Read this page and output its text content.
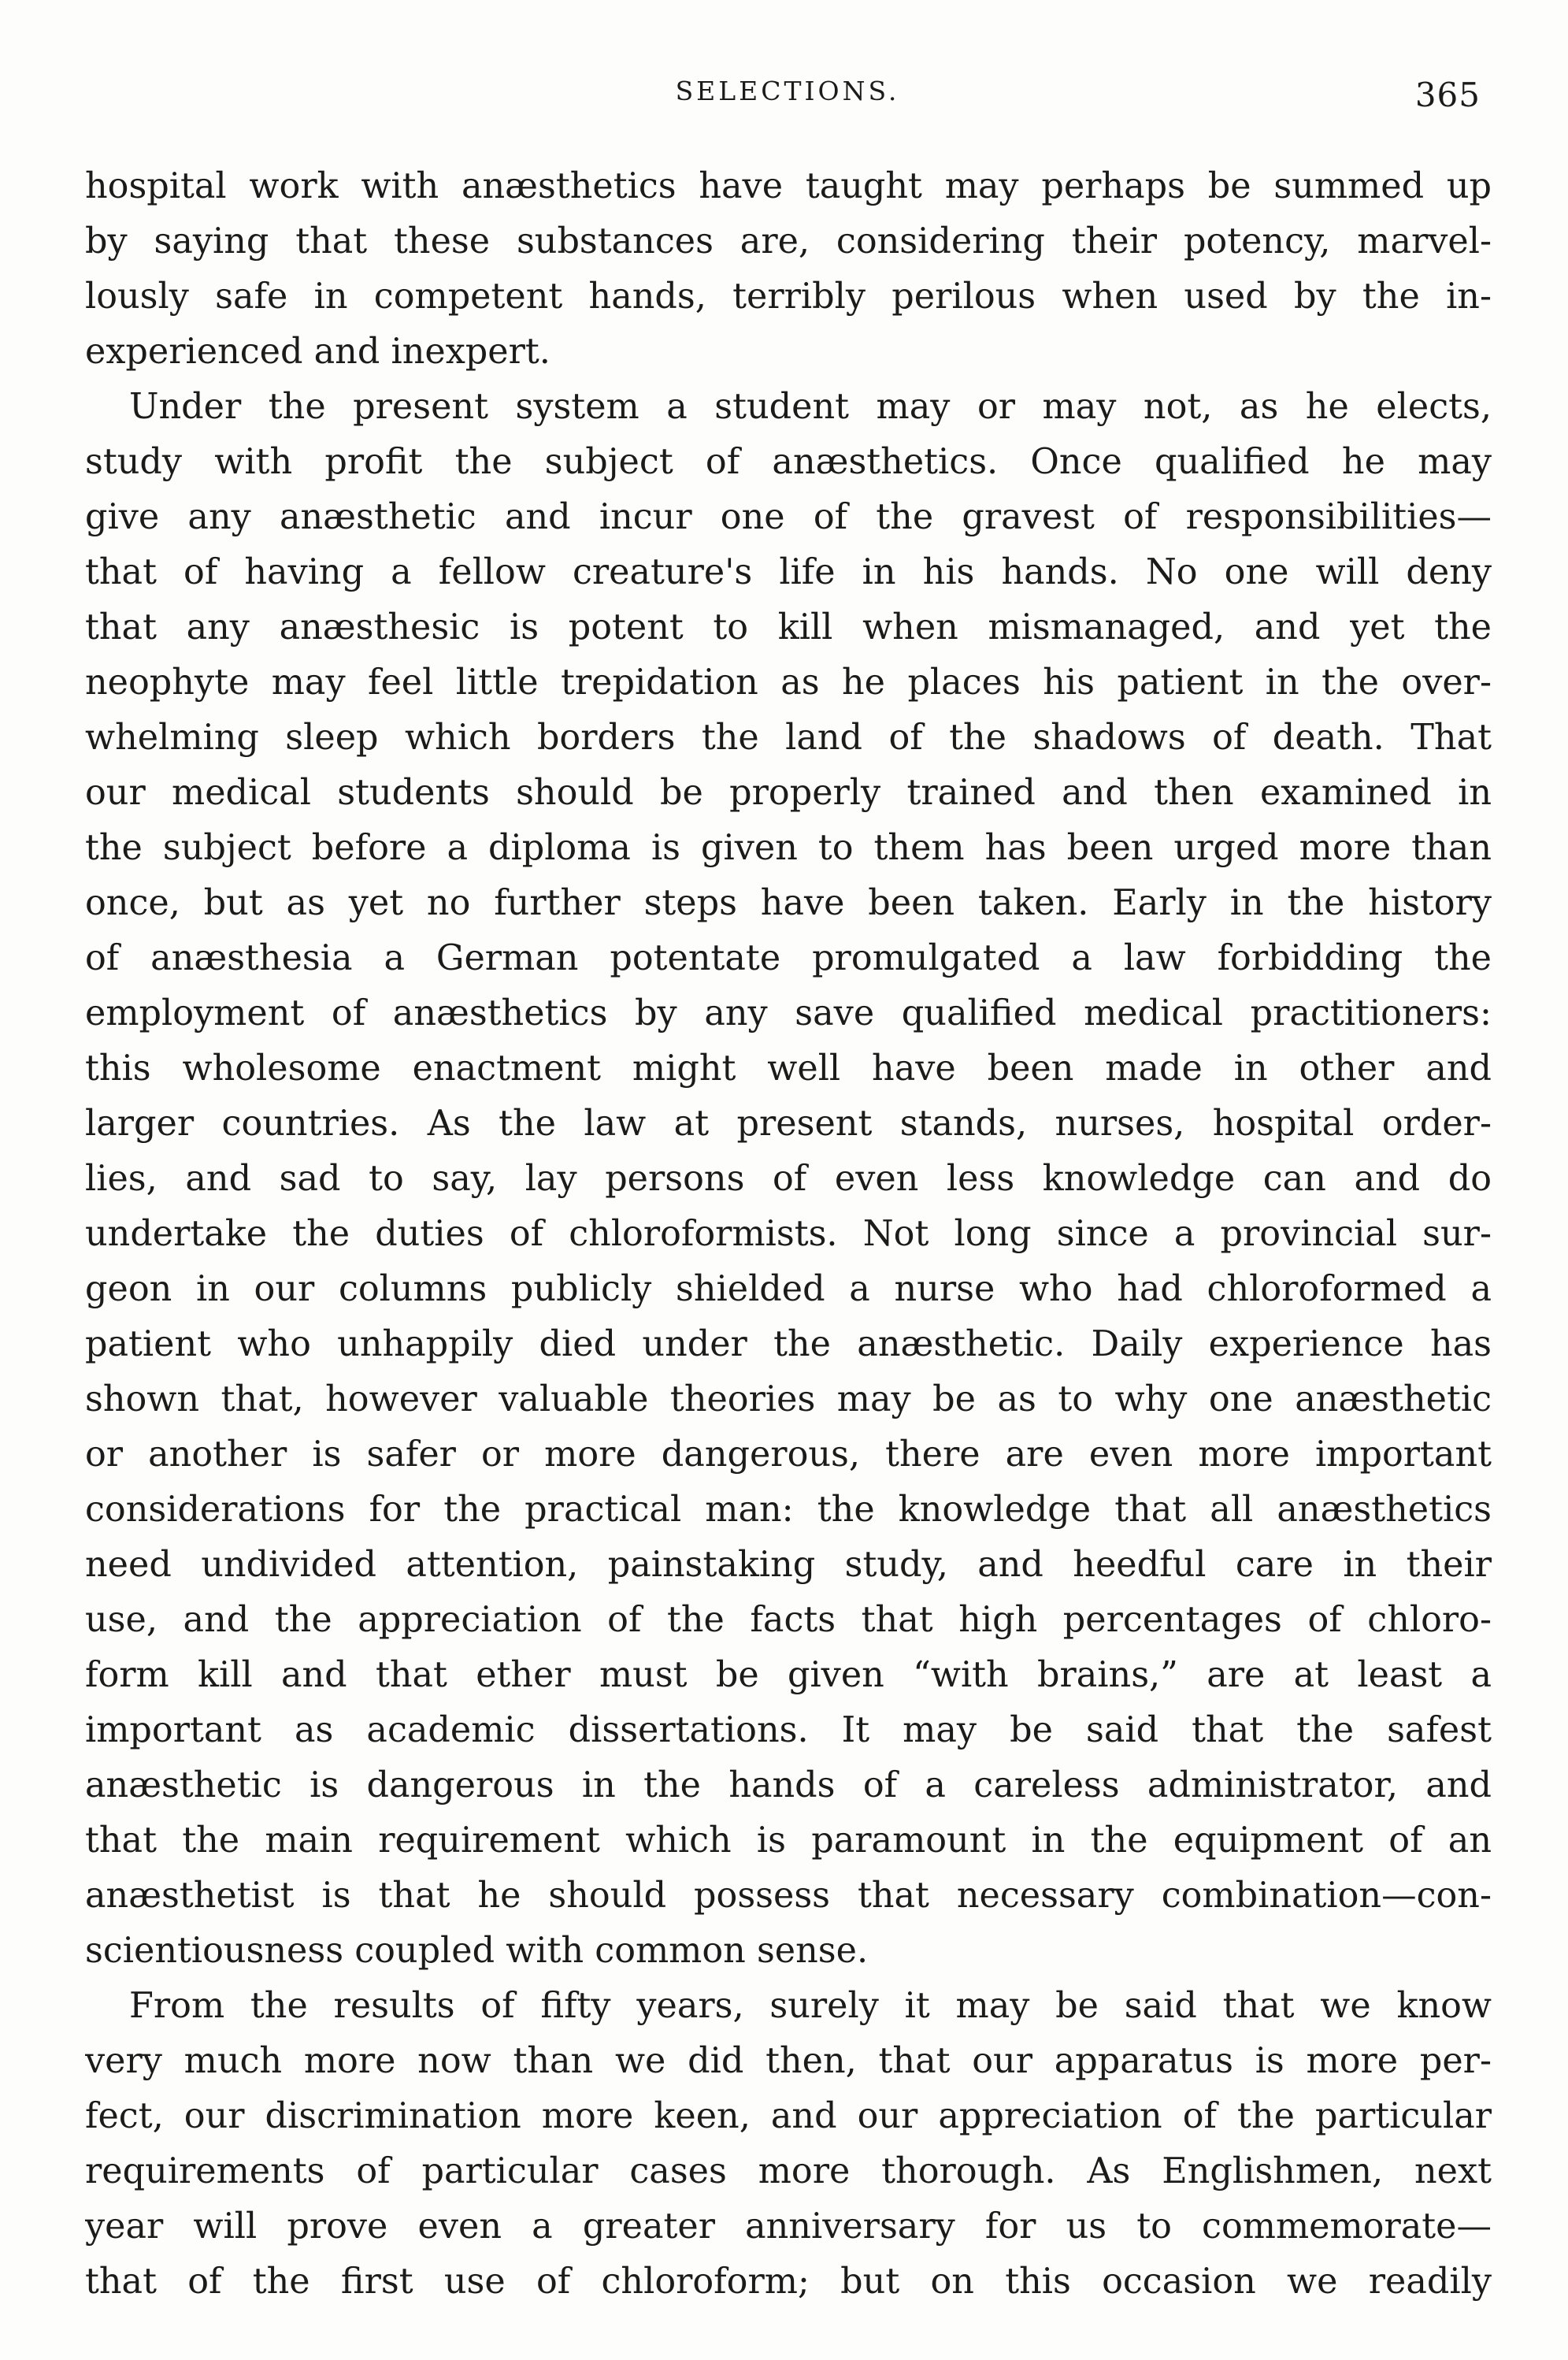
SELECTIONS.	365
hospital work with anæsthetics have taught may perhaps be summed up
by saying that these substances are, considering their potency, marvel-
lously safe in competent hands, terribly perilous when used by the in-
experienced and inexpert.
Under the present system a student may or may not, as he elects,
study with profit the subject of anæsthetics. Once qualified he may
give any anæsthetic and incur one of the gravest of responsibilities—
that of having a fellow creature's life in his hands. No one will deny
that any anæsthesic is potent to kill when mismanaged, and yet the
neophyte may feel little trepidation as he places his patient in the over-
whelming sleep which borders the land of the shadows of death. That
our medical students should be properly trained and then examined in
the subject before a diploma is given to them has been urged more than
once, but as yet no further steps have been taken. Early in the history
of anæsthesia a German potentate promulgated a law forbidding the
employment of anæsthetics by any save qualified medical practitioners:
this wholesome enactment might well have been made in other and
larger countries. As the law at present stands, nurses, hospital order-
lies, and sad to say, lay persons of even less knowledge can and do
undertake the duties of chloroformists. Not long since a provincial sur-
geon in our columns publicly shielded a nurse who had chloroformed a
patient who unhappily died under the anæsthetic. Daily experience has
shown that, however valuable theories may be as to why one anæsthetic
or another is safer or more dangerous, there are even more important
considerations for the practical man: the knowledge that all anæsthetics
need undivided attention, painstaking study, and heedful care in their
use, and the appreciation of the facts that high percentages of chloro-
form kill and that ether must be given “with brains,” are at least a
important as academic dissertations. It may be said that the safest
anæsthetic is dangerous in the hands of a careless administrator, and
that the main requirement which is paramount in the equipment of an
anæsthetist is that he should possess that necessary combination—con-
scientiousness coupled with common sense.
From the results of fifty years, surely it may be said that we know
very much more now than we did then, that our apparatus is more per-
fect, our discrimination more keen, and our appreciation of the particular
requirements of particular cases more thorough. As Englishmen, next
year will prove even a greater anniversary for us to commemorate—
that of the first use of chloroform; but on this occasion we readily
